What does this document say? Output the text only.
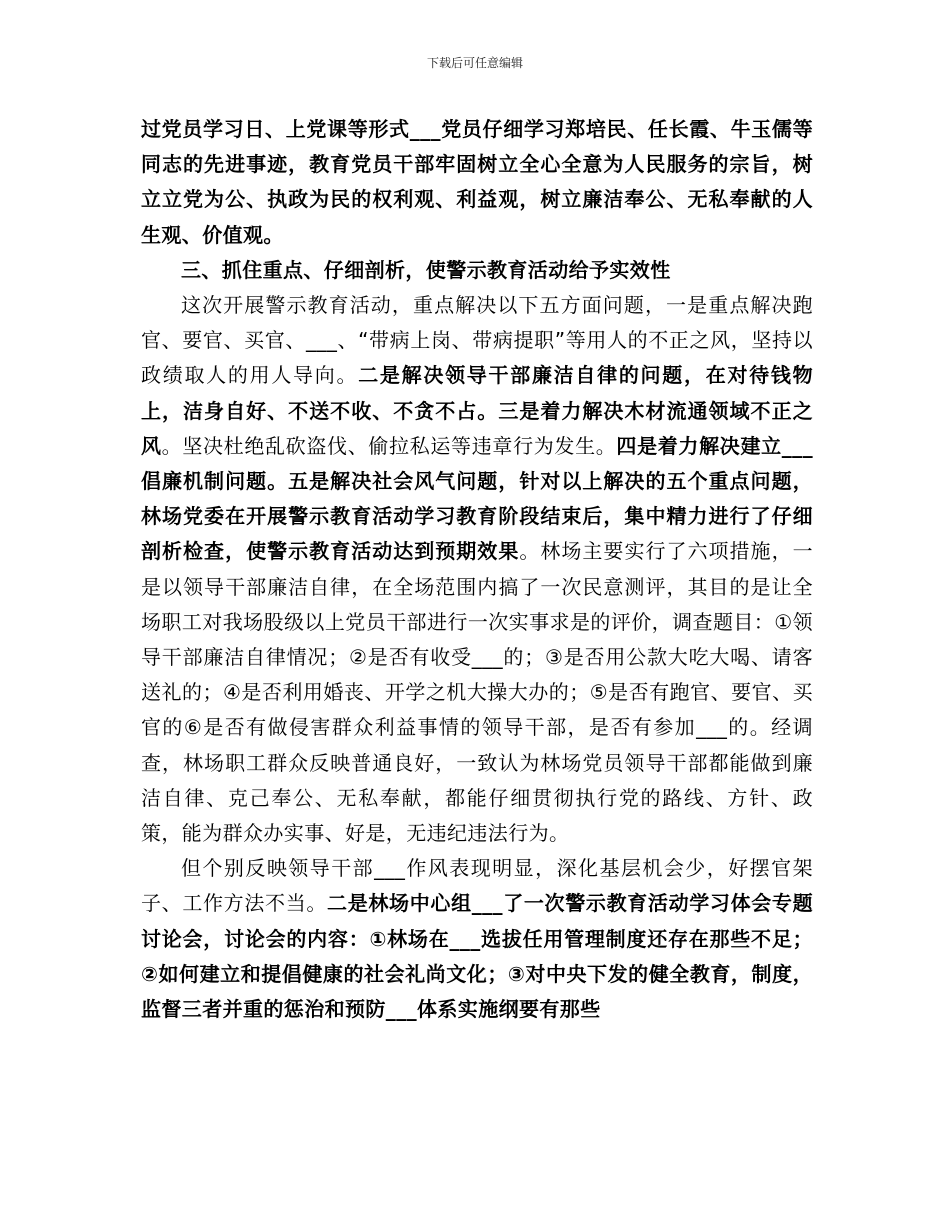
下载后可任意编辑

过党员学习日、上党课等形式___党员仔细学习郑培民、任长霞、牛玉儒等同志的先进事迹，教育党员干部牢固树立全心全意为人民服务的宗旨，树立立党为公、执政为民的权利观、利益观，树立廉洁奉公、无私奉献的人生观、价值观。

三、抓住重点、仔细剖析，使警示教育活动给予实效性

这次开展警示教育活动，重点解决以下五方面问题，一是重点解决跑官、要官、买官、___、“带病上岗、带病提职”等用人的不正之风，坚持以政绩取人的用人导向。二是解决领导干部廉洁自律的问题，在对待钱物上，洁身自好、不送不收、不贪不占。三是着力解决木材流通领域不正之风。坚决杜绝乱砍盗伐、偷拉私运等违章行为发生。四是着力解决建立___倡廉机制问题。五是解决社会风气问题，针对以上解决的五个重点问题，林场党委在开展警示教育活动学习教育阶段结束后，集中精力进行了仔细剖析检查，使警示教育活动达到预期效果。林场主要实行了六项措施，一是以领导干部廉洁自律，在全场范围内搞了一次民意测评，其目的是让全场职工对我场股级以上党员干部进行一次实事求是的评价，调查题目：①领导干部廉洁自律情况；②是否有收受___的；③是否用公款大吃大喝、请客送礼的；④是否利用婚丧、开学之机大操大办的；⑤是否有跑官、要官、买官的⑥是否有做侵害群众利益事情的领导干部，是否有参加___的。经调查，林场职工群众反映普通良好，一致认为林场党员领导干部都能做到廉洁自律、克己奉公、无私奉献，都能仔细贯彻执行党的路线、方针、政策，能为群众办实事、好是，无违纪违法行为。

但个别反映领导干部___作风表现明显，深化基层机会少，好摆官架子、工作方法不当。二是林场中心组___了一次警示教育活动学习体会专题讨论会，讨论会的内容：①林场在___选拔任用管理制度还存在那些不足；②如何建立和提倡健康的社会礼尚文化；③对中央下发的健全教育，制度，监督三者并重的惩治和预防___体系实施纲要有那些
